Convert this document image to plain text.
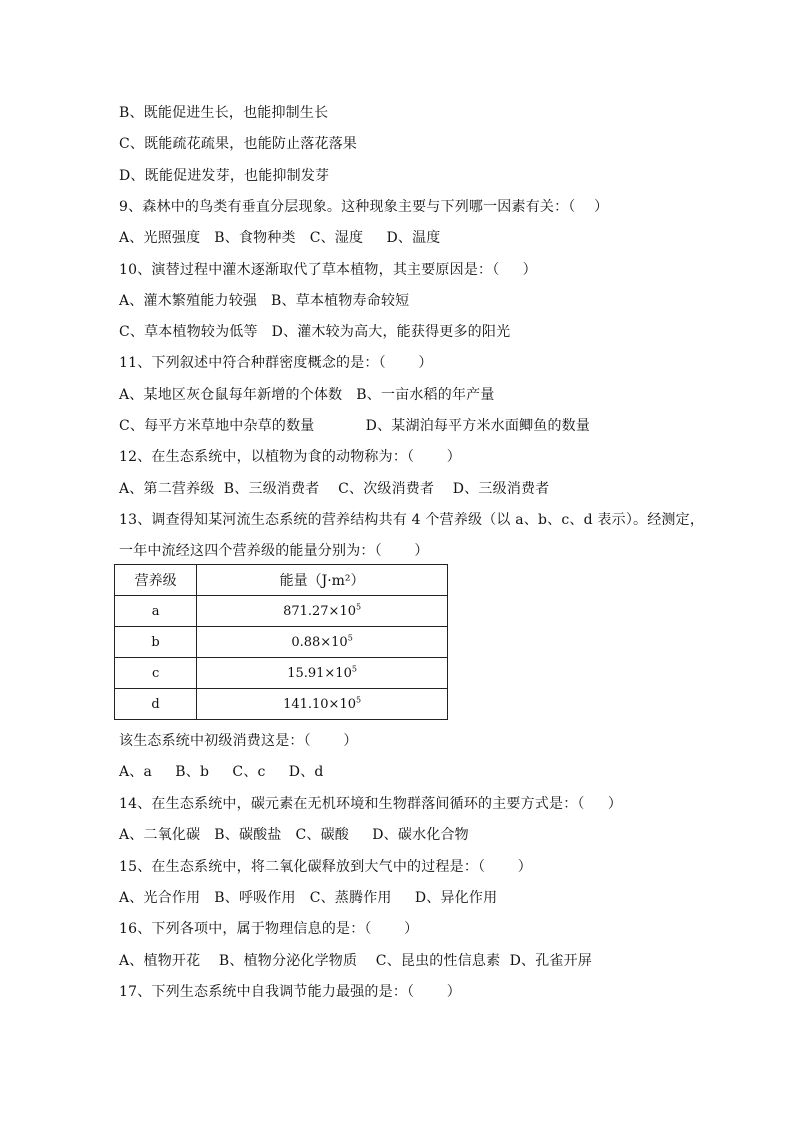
B、既能促进生长，也能抑制生长
C、既能疏花疏果，也能防止落花落果
D、既能促进发芽，也能抑制发芽
9、森林中的鸟类有垂直分层现象。这种现象主要与下列哪一因素有关：（    ）
A、光照强度   B、食物种类   C、湿度     D、温度
10、演替过程中灌木逐渐取代了草本植物，其主要原因是：（     ）
A、灌木繁殖能力较强   B、草本植物寿命较短
C、草本植物较为低等   D、灌木较为高大，能获得更多的阳光
11、下列叙述中符合种群密度概念的是：（       ）
A、某地区灰仓鼠每年新增的个体数   B、一亩水稻的年产量
C、每平方米草地中杂草的数量           D、某湖泊每平方米水面鲫鱼的数量
12、在生态系统中，以植物为食的动物称为：（       ）
A、第二营养级  B、三级消费者    C、次级消费者    D、三级消费者
13、调查得知某河流生态系统的营养结构共有 4 个营养级（以 a、b、c、d 表示）。经测定，
一年中流经这四个营养级的能量分别为：（       ）
营养级	能量（J·m²）
a	$871.27\times 10^5$
b	$0.88\times 10^5$
c	$15.91\times 10^5$
d	$141.10\times 10^5$
该生态系统中初级消费这是：（       ）
A、a     B、b     C、c     D、d
14、在生态系统中，碳元素在无机环境和生物群落间循环的主要方式是：（     ）
A、二氧化碳   B、碳酸盐   C、碳酸     D、碳水化合物
15、在生态系统中，将二氧化碳释放到大气中的过程是：（       ）
A、光合作用   B、呼吸作用   C、蒸腾作用     D、异化作用
16、下列各项中，属于物理信息的是：（       ）
A、植物开花    B、植物分泌化学物质    C、昆虫的性信息素  D、孔雀开屏
17、下列生态系统中自我调节能力最强的是：（       ）
